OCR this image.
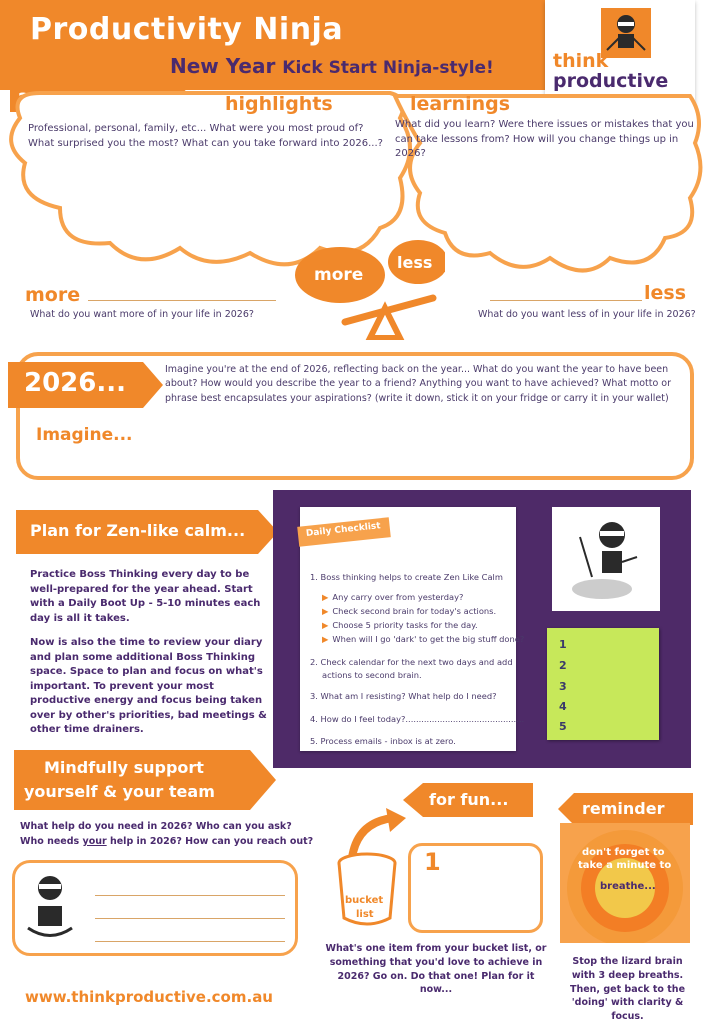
Productivity Ninja
New Year Kick Start Ninja-style!	think
productive
highlights
Professional, personal, family, etc... What were you most proud of? What surprised you the most? What can you take forward into 2026...?
learnings
What did you learn? Were there issues or mistakes that you can take lessons from? How will you change things up in 2026?
more
less
more
What do you want more of in your life in 2026?
less
What do you want less of in your life in 2026?
2026...	Imagine you're at the end of 2026, reflecting back on the year... What do you want the year to have been about? How would you describe the year to a friend? Anything you want to have achieved? What motto or phrase best encapsulates your aspirations? (write it down, stick it on your fridge or carry it in your wallet)
Imagine...
Plan for Zen-like calm...
Practice Boss Thinking every day to be well-prepared for the year ahead. Start with a Daily Boot Up - 5-10 minutes each day is all it takes.
Now is also the time to review your diary and plan some additional Boss Thinking space. Space to plan and focus on what's important. To prevent your most productive energy and focus being taken over by other's priorities, bad meetings & other time drainers.
Daily Checklist
1. Boss thinking helps to create Zen Like Calm
▶ Any carry over from yesterday?
▶ Check second brain for today's actions.
▶ Choose 5 priority tasks for the day.
▶ When will I go 'dark' to get the big stuff done?
2. Check calendar for the next two days and add
actions to second brain.
3. What am I resisting? What help do I need?
4. How do I feel today?.............................................
5. Process emails - inbox is at zero.
1
2
3
4
5
Mindfully support
yourself & your team
What help do you need in 2026? Who can you ask?
Who needs your help in 2026? How can you reach out?
for fun...
bucket
list
1
What's one item from your bucket list, or something that you'd love to achieve in 2026? Go on. Do that one! Plan for it now...
reminder
don't forget to
take a minute to
breathe...
Stop the lizard brain with 3 deep breaths. Then, get back to the 'doing' with clarity & focus.
www.thinkproductive.com.au
